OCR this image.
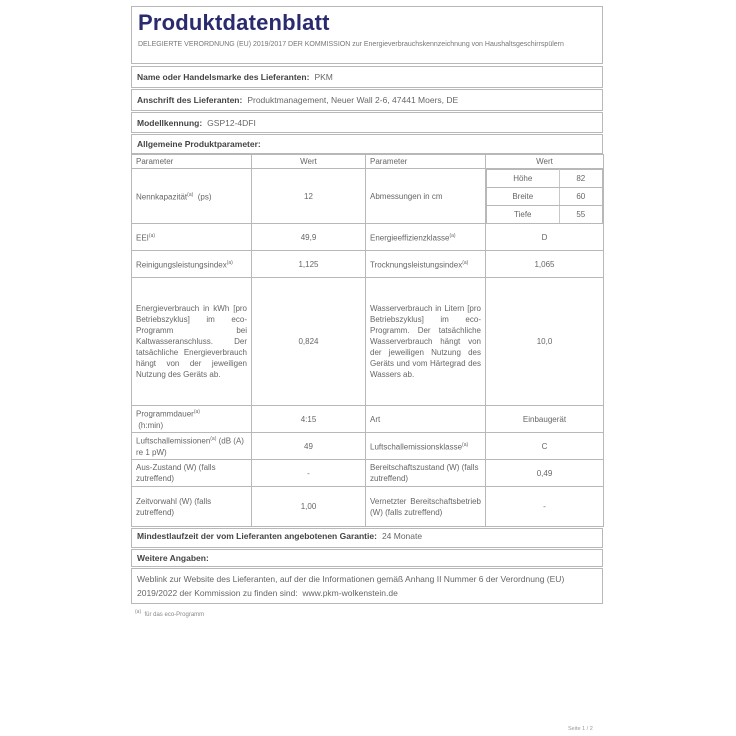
Produktdatenblatt
DELEGIERTE VERORDNUNG (EU) 2019/2017 DER KOMMISSION zur Energieverbrauchskennzeichnung von Haushaltsgeschirrspülern
Name oder Handelsmarke des Lieferanten: PKM
Anschrift des Lieferanten: Produktmanagement, Neuer Wall 2-6, 47441 Moers, DE
Modellkennung: GSP12-4DFI
Allgemeine Produktparameter:
Parameter	Wert	Parameter	Wert
Nennkapazität$^{(a)}$ (ps)	12	Abmessungen in cm	
Höhe	82
Breite	60
Tiefe	55

EEI$^{(a)}$	49,9	Energieeffizienzklasse$^{(a)}$	D
Reinigungsleistungsindex$^{(a)}$	1,125	Trocknungsleistungsindex$^{(a)}$	1,065
Energieverbrauch in kWh [pro Betriebszyklus] im eco-Programm bei Kaltwasseranschluss. Der tatsächliche Energieverbrauch hängt von der jeweiligen Nutzung des Geräts ab.	0,824	Wasserverbrauch in Litern [pro Betriebszyklus] im eco-Programm. Der tatsächliche Wasserverbrauch hängt von der jeweiligen Nutzung des Geräts und vom Härtegrad des Wassers ab.	10,0
Programmdauer$^{(a)}$
(h:min)	4:15	Art	Einbaugerät
Luftschallemissionen$^{(a)}$ (dB (A) re 1 pW)	49	Luftschallemissionsklasse$^{(a)}$	C
Aus-Zustand (W) (falls zutreffend)	-	Bereitschaftszustand (W) (falls zutreffend)	0,49
Zeitvorwahl (W) (falls zutreffend)	1,00	Vernetzter Bereitschaftsbetrieb (W) (falls zutreffend)	-
Mindestlaufzeit der vom Lieferanten angebotenen Garantie: 24 Monate
Weitere Angaben:
Weblink zur Website des Lieferanten, auf der die Informationen gemäß Anhang II Nummer 6 der Verordnung (EU) 2019/2022 der Kommission zu finden sind: www.pkm-wolkenstein.de
$^{(a)}$ für das eco-Programm
Seite 1 / 2
